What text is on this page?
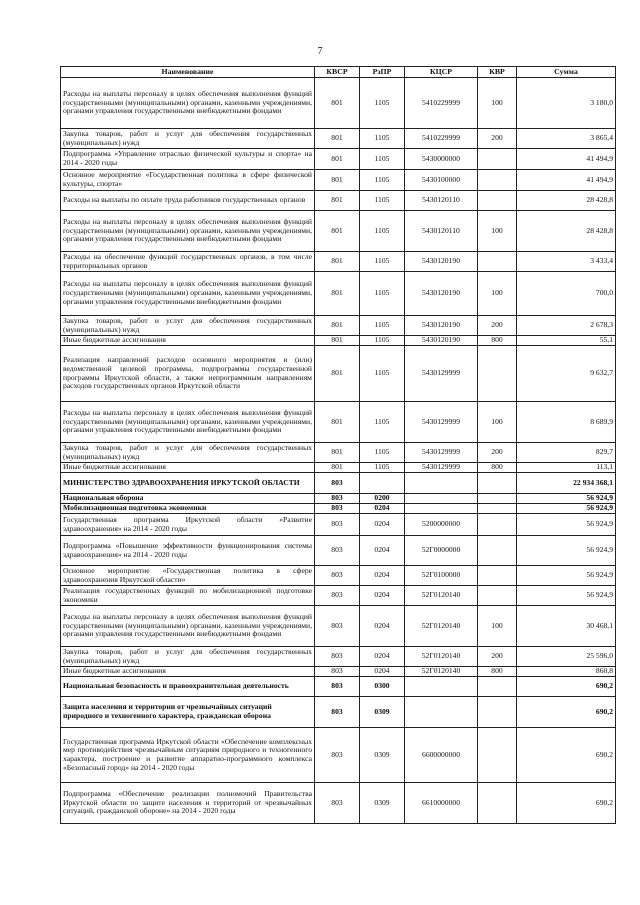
7
Наименование	КВСР	РзПР	КЦСР	КВР	Сумма
Расходы на выплаты персоналу в целях обеспечения выполнения функций государственными (муниципальными) органами, казенными учреждениями, органами управления государственными внебюджетными фондами	801	1105	5410229999	100	3 180,0
Закупка товаров, работ и услуг для обеспечения государственных (муниципальных) нужд	801	1105	5410229999	200	3 865,4
Подпрограмма «Управление отраслью физической культуры и спорта» на 2014 - 2020 годы	801	1105	5430000000		41 494,9
Основное мероприятие «Государственная политика в сфере физической культуры, спорта»	801	1105	5430100000		41 494,9
Расходы на выплаты по оплате труда работников государственных органов	801	1105	5430120110		28 428,8
Расходы на выплаты персоналу в целях обеспечения выполнения функций государственными (муниципальными) органами, казенными учреждениями, органами управления государственными внебюджетными фондами	801	1105	5430120110	100	28 428,8
Расходы на обеспечение функций государственных органов, в том числе территориальных органов	801	1105	5430120190		3 433,4
Расходы на выплаты персоналу в целях обеспечения выполнения функций государственными (муниципальными) органами, казенными учреждениями, органами управления государственными внебюджетными фондами	801	1105	5430120190	100	700,0
Закупка товаров, работ и услуг для обеспечения государственных (муниципальных) нужд	801	1105	5430120190	200	2 678,3
Иные бюджетные ассигнования	801	1105	5430120190	800	55,1
Реализация направлений расходов основного мероприятия и (или) ведомственной целевой программы, подпрограммы государственной программы Иркутской области, а также непрограммным направлениям расходов государственных органов Иркутской области	801	1105	5430129999		9 632,7
Расходы на выплаты персоналу в целях обеспечения выполнения функций государственными (муниципальными) органами, казенными учреждениями, органами управления государственными внебюджетными фондами	801	1105	5430129999	100	8 689,9
Закупка товаров, работ и услуг для обеспечения государственных (муниципальных) нужд	801	1105	5430129999	200	829,7
Иные бюджетные ассигнования	801	1105	5430129999	800	113,1
МИНИСТЕРСТВО ЗДРАВООХРАНЕНИЯ ИРКУТСКОЙ ОБЛАСТИ	803				22 934 368,1
Национальная оборона	803	0200			56 924,9
Мобилизационная подготовка экономики	803	0204			56 924,9
Государственная программа Иркутской области «Развитие здравоохранения» на 2014 - 2020 годы	803	0204	5200000000		56 924,9
Подпрограмма «Повышение эффективности функционирования системы здравоохранения» на 2014 - 2020 годы	803	0204	52Г0000000		56 924,9
Основное мероприятие «Государственная политика в сфере здравоохранения Иркутской области»	803	0204	52Г0100000		56 924,9
Реализация государственных функций по мобилизационной подготовке экономики	803	0204	52Г0120140		56 924,9
Расходы на выплаты персоналу в целях обеспечения выполнения функций государственными (муниципальными) органами, казенными учреждениями, органами управления государственными внебюджетными фондами	803	0204	52Г0120140	100	30 468,1
Закупка товаров, работ и услуг для обеспечения государственных (муниципальных) нужд	803	0204	52Г0120140	200	25 596,0
Иные бюджетные ассигнования	803	0204	52Г0120140	800	860,8
Национальная безопасность и правоохранительная деятельность	803	0300			690,2
Защита населения и территории от чрезвычайных ситуаций природного и техногенного характера, гражданская оборона	803	0309			690,2
Государственная программа Иркутской области «Обеспечение комплексных мер противодействия чрезвычайным ситуациям природного и техногенного характера, построение и развитие аппаратно-программного комплекса «Безопасный город» на 2014 - 2020 годы	803	0309	6600000000		690,2
Подпрограмма «Обеспечение реализации полномочий Правительства Иркутской области по защите населения и территорий от чрезвычайных ситуаций, гражданской обороне» на 2014 - 2020 годы	803	0309	6610000000		690,2
